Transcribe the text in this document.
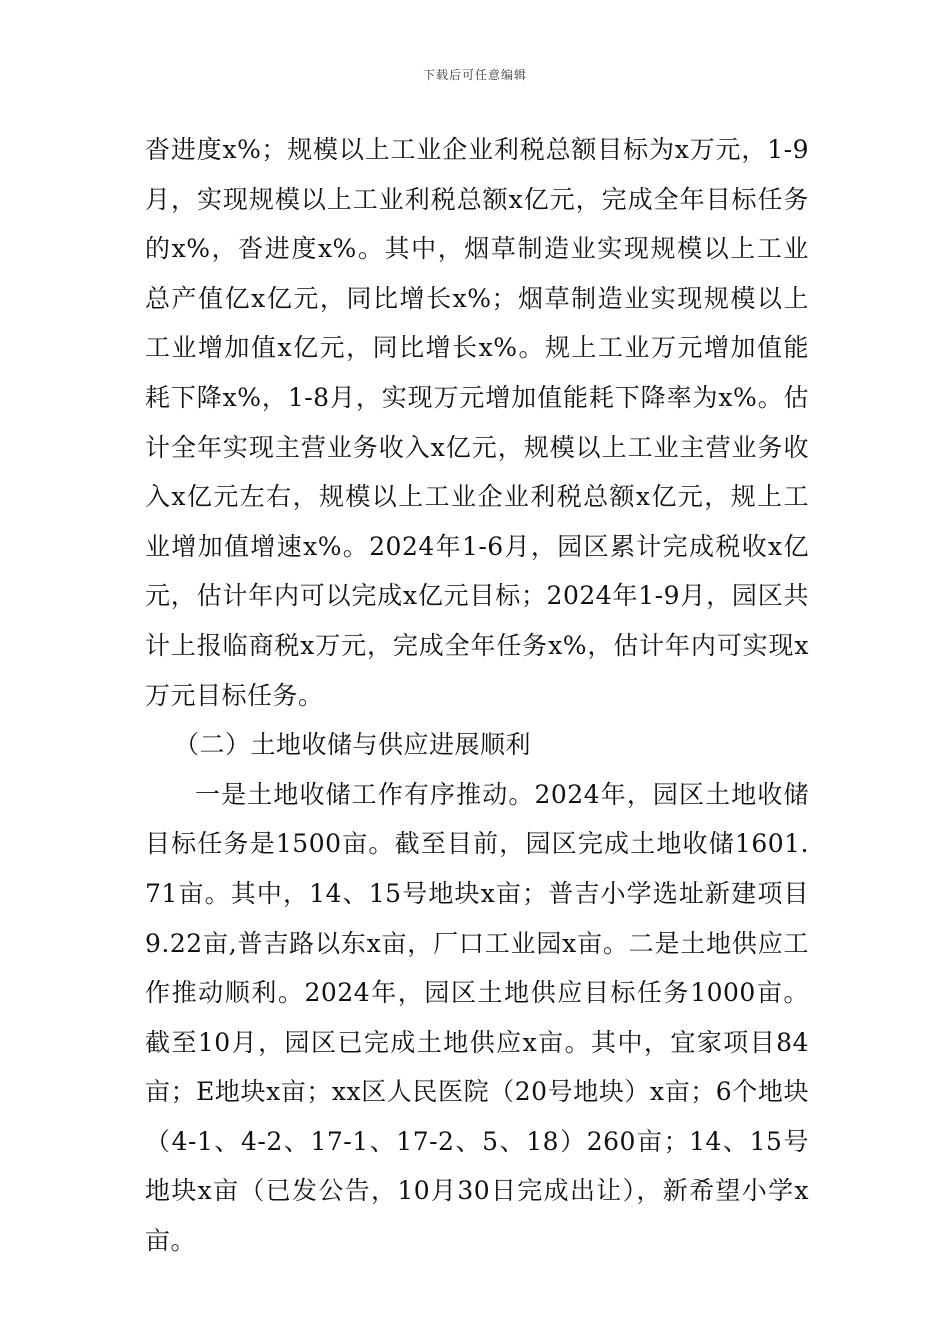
下载后可任意编辑

沓进度x%；规模以上工业企业利税总额目标为x万元，1-9月，实现规模以上工业利税总额x亿元，完成全年目标任务的x%，沓进度x%。其中，烟草制造业实现规模以上工业总产值亿x亿元，同比增长x%；烟草制造业实现规模以上工业增加值x亿元，同比增长x%。规上工业万元增加值能耗下降x%，1-8月，实现万元增加值能耗下降率为x%。估计全年实现主营业务收入x亿元，规模以上工业主营业务收入x亿元左右，规模以上工业企业利税总额x亿元，规上工业增加值增速x%。2024年1-6月，园区累计完成税收x亿元，估计年内可以完成x亿元目标；2024年1-9月，园区共计上报临商税x万元，完成全年任务x%，估计年内可实现x万元目标任务。

（二）土地收储与供应进展顺利

一是土地收储工作有序推动。2024年，园区土地收储目标任务是1500亩。截至目前，园区完成土地收储1601.71亩。其中，14、15号地块x亩；普吉小学选址新建项目9.22亩,普吉路以东x亩，厂口工业园x亩。二是土地供应工作推动顺利。2024年，园区土地供应目标任务1000亩。截至10月，园区已完成土地供应x亩。其中，宜家项目84亩；E地块x亩；xx区人民医院（20号地块）x亩；6个地块（4-1、4-2、17-1、17-2、5、18）260亩；14、15号地块x亩（已发公告，10月30日完成出让），新希望小学x亩。
